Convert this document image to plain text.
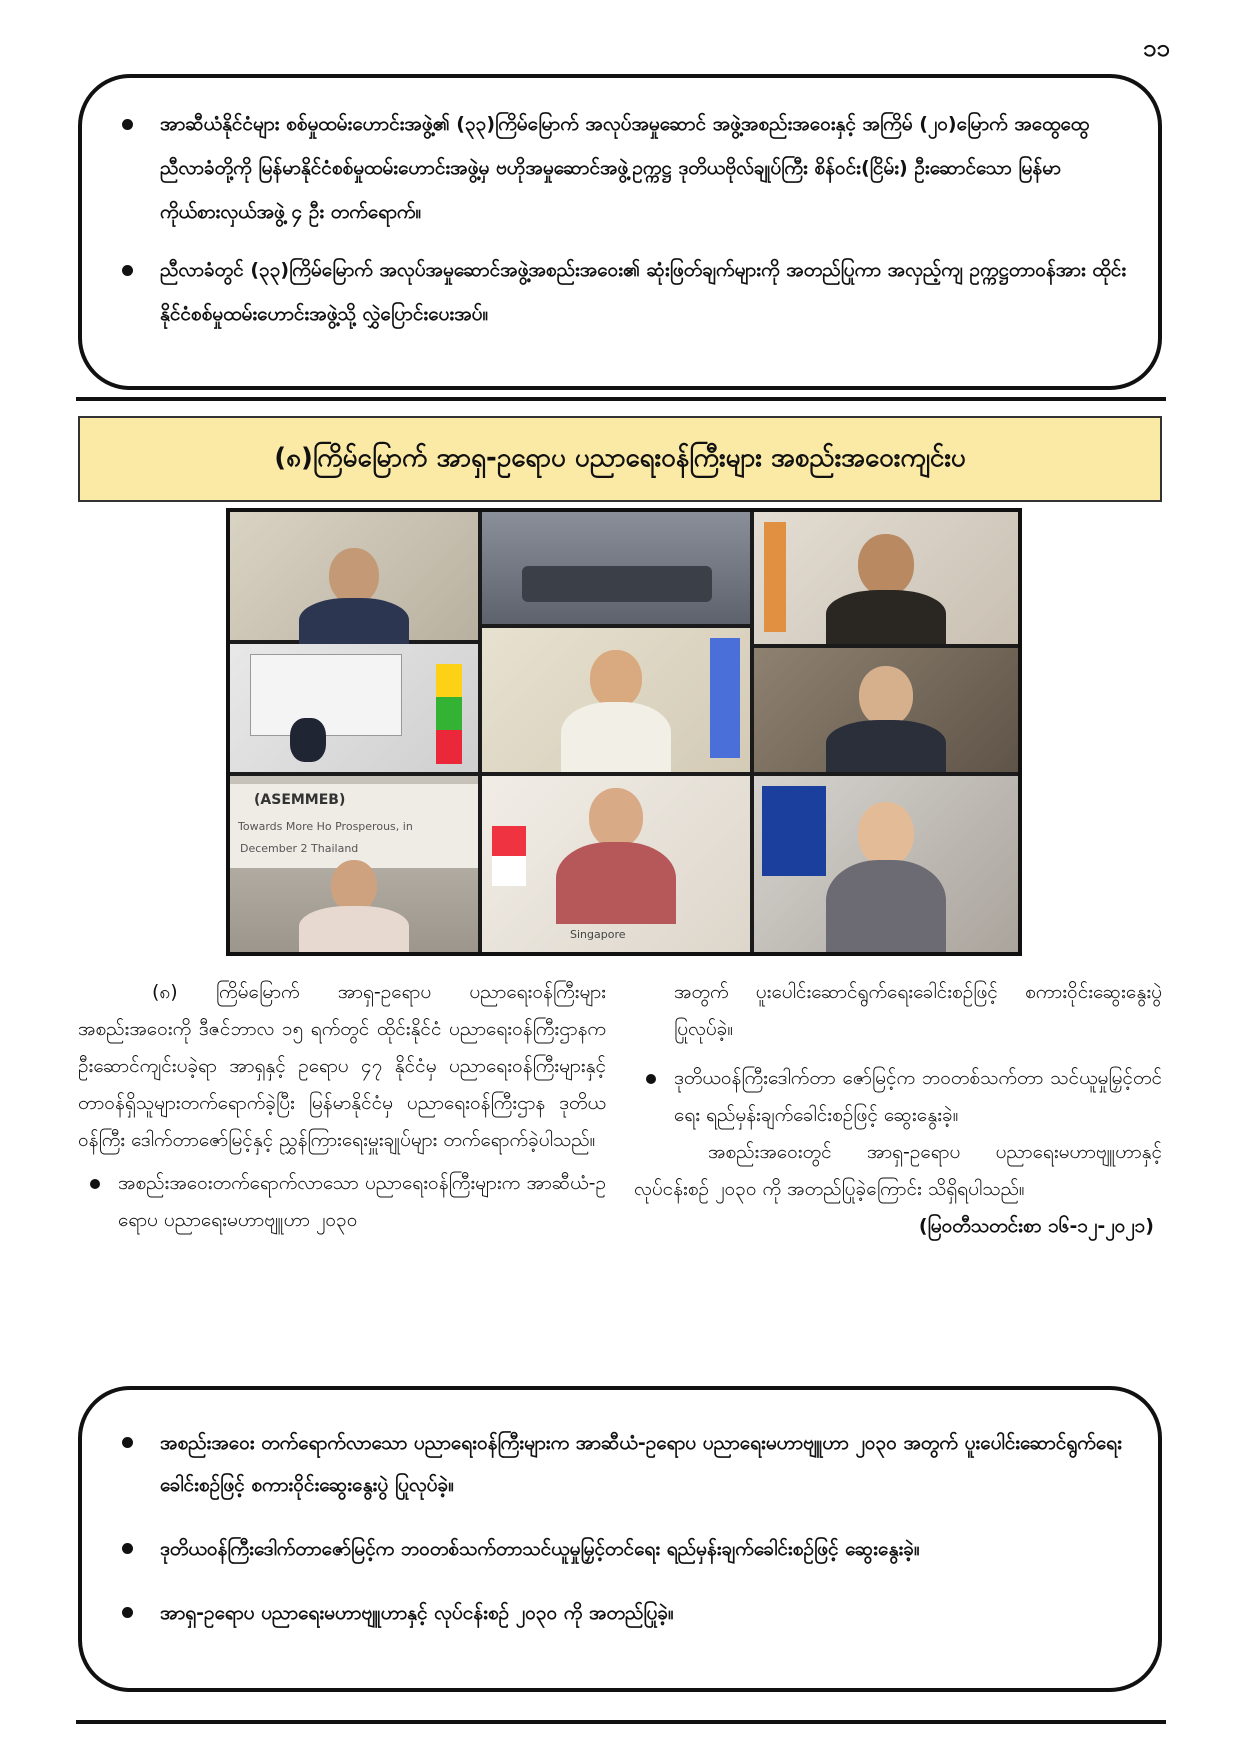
၁၁
အာဆီယံနိုင်ငံများ စစ်မှုထမ်းဟောင်းအဖွဲ့၏ (၃၃)ကြိမ်မြောက် အလုပ်အမှုဆောင် အဖွဲ့အစည်းအဝေးနှင့် အကြိမ် (၂၀)မြောက် အထွေထွေညီလာခံတို့ကို မြန်မာနိုင်ငံစစ်မှုထမ်းဟောင်းအဖွဲ့မှ ဗဟိုအမှုဆောင်အဖွဲ့ဥက္ကဋ္ဌ ဒုတိယဗိုလ်ချုပ်ကြီး စိန်ဝင်း(ငြိမ်း) ဦးဆောင်သော မြန်မာကိုယ်စားလှယ်အဖွဲ့ ၄ ဦး တက်ရောက်။
ညီလာခံတွင် (၃၃)ကြိမ်မြောက် အလုပ်အမှုဆောင်အဖွဲ့အစည်းအဝေး၏ ဆုံးဖြတ်ချက်များကို အတည်ပြုကာ အလှည့်ကျ ဥက္ကဋ္ဌတာဝန်အား ထိုင်းနိုင်ငံစစ်မှုထမ်းဟောင်းအဖွဲ့သို့ လွှဲပြောင်းပေးအပ်။
(၈)ကြိမ်မြောက် အာရှ-ဥရောပ ပညာရေးဝန်ကြီးများ အစည်းအဝေးကျင်းပ
(ASEMMEB)
Towards More Ho Prosperous, in
December 2 Thailand
Singapore

(၈) ကြိမ်မြောက် အာရှ-ဥရောပ ပညာရေးဝန်ကြီးများ အစည်းအဝေးကို ဒီဇင်ဘာလ ၁၅ ရက်တွင် ထိုင်းနိုင်ငံ ပညာရေးဝန်ကြီးဌာနက ဦးဆောင်ကျင်းပခဲ့ရာ အာရှနှင့် ဥရောပ ၄၇ နိုင်ငံမှ ပညာရေးဝန်ကြီးများနှင့် တာဝန်ရှိသူများတက်ရောက်ခဲ့ပြီး မြန်မာနိုင်ငံမှ ပညာရေးဝန်ကြီးဌာန ဒုတိယဝန်ကြီး ဒေါက်တာဇော်မြင့်နှင့် ညွှန်ကြားရေးမှူးချုပ်များ တက်ရောက်ခဲ့ပါသည်။

အစည်းအဝေးတက်ရောက်လာသော ပညာရေးဝန်ကြီးများက အာဆီယံ-ဥရောပ ပညာရေးမဟာဗျူဟာ ၂၀၃၀

အတွက် ပူးပေါင်းဆောင်ရွက်ရေးခေါင်းစဉ်ဖြင့် စကားဝိုင်းဆွေးနွေးပွဲ ပြုလုပ်ခဲ့။

ဒုတိယဝန်ကြီးဒေါက်တာ ဇော်မြင့်က ဘဝတစ်သက်တာ သင်ယူမှုမြှင့်တင်ရေး ရည်မှန်းချက်ခေါင်းစဉ်ဖြင့် ဆွေးနွေးခဲ့။

အစည်းအဝေးတွင် အာရှ-ဥရောပ ပညာရေးမဟာဗျူဟာနှင့် လုပ်ငန်းစဉ် ၂၀၃၀ ကို အတည်ပြုခဲ့ကြောင်း သိရှိရပါသည်။

(မြဝတီသတင်းစာ ၁၆-၁၂-၂၀၂၁)

အစည်းအဝေး တက်ရောက်လာသော ပညာရေးဝန်ကြီးများက အာဆီယံ-ဥရောပ ပညာရေးမဟာဗျူဟာ ၂၀၃၀ အတွက် ပူးပေါင်းဆောင်ရွက်ရေးခေါင်းစဉ်ဖြင့် စကားဝိုင်းဆွေးနွေးပွဲ ပြုလုပ်ခဲ့။
ဒုတိယဝန်ကြီးဒေါက်တာဇော်မြင့်က ဘဝတစ်သက်တာသင်ယူမှုမြှင့်တင်ရေး ရည်မှန်းချက်ခေါင်းစဉ်ဖြင့် ဆွေးနွေးခဲ့။
အာရှ-ဥရောပ ပညာရေးမဟာဗျူဟာနှင့် လုပ်ငန်းစဉ် ၂၀၃၀ ကို အတည်ပြုခဲ့။
